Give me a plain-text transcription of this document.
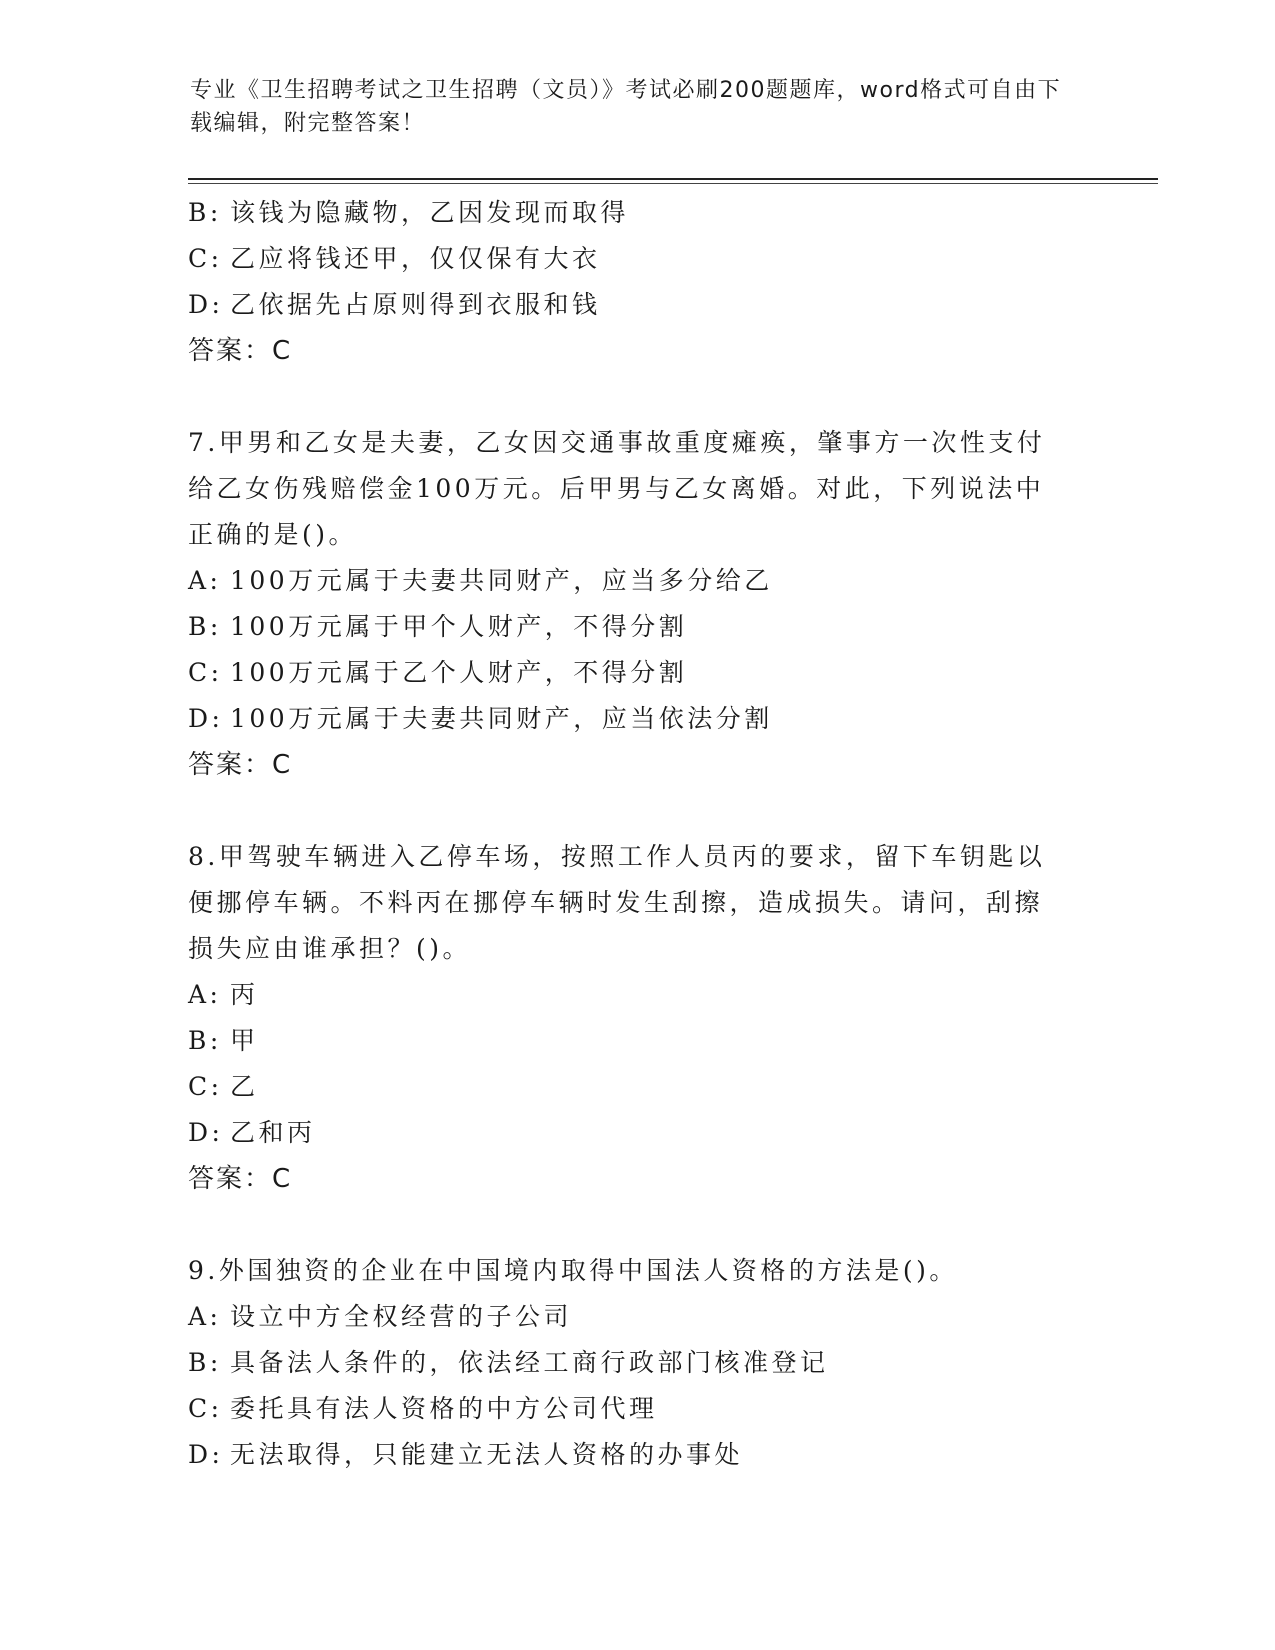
专业《卫生招聘考试之卫生招聘（文员）》考试必刷200题题库，word格式可自由下载编辑，附完整答案！
B: 该钱为隐藏物，乙因发现而取得
C: 乙应将钱还甲，仅仅保有大衣
D: 乙依据先占原则得到衣服和钱
答案：C
7.甲男和乙女是夫妻，乙女因交通事故重度瘫痪，肇事方一次性支付给乙女伤残赔偿金100万元。后甲男与乙女离婚。对此，下列说法中正确的是()。
A: 100万元属于夫妻共同财产，应当多分给乙
B: 100万元属于甲个人财产，不得分割
C: 100万元属于乙个人财产，不得分割
D: 100万元属于夫妻共同财产，应当依法分割
答案：C
8.甲驾驶车辆进入乙停车场，按照工作人员丙的要求，留下车钥匙以便挪停车辆。不料丙在挪停车辆时发生刮擦，造成损失。请问，刮擦损失应由谁承担？()。
A: 丙
B: 甲
C: 乙
D: 乙和丙
答案：C
9.外国独资的企业在中国境内取得中国法人资格的方法是()。
A: 设立中方全权经营的子公司
B: 具备法人条件的，依法经工商行政部门核准登记
C: 委托具有法人资格的中方公司代理
D: 无法取得，只能建立无法人资格的办事处
